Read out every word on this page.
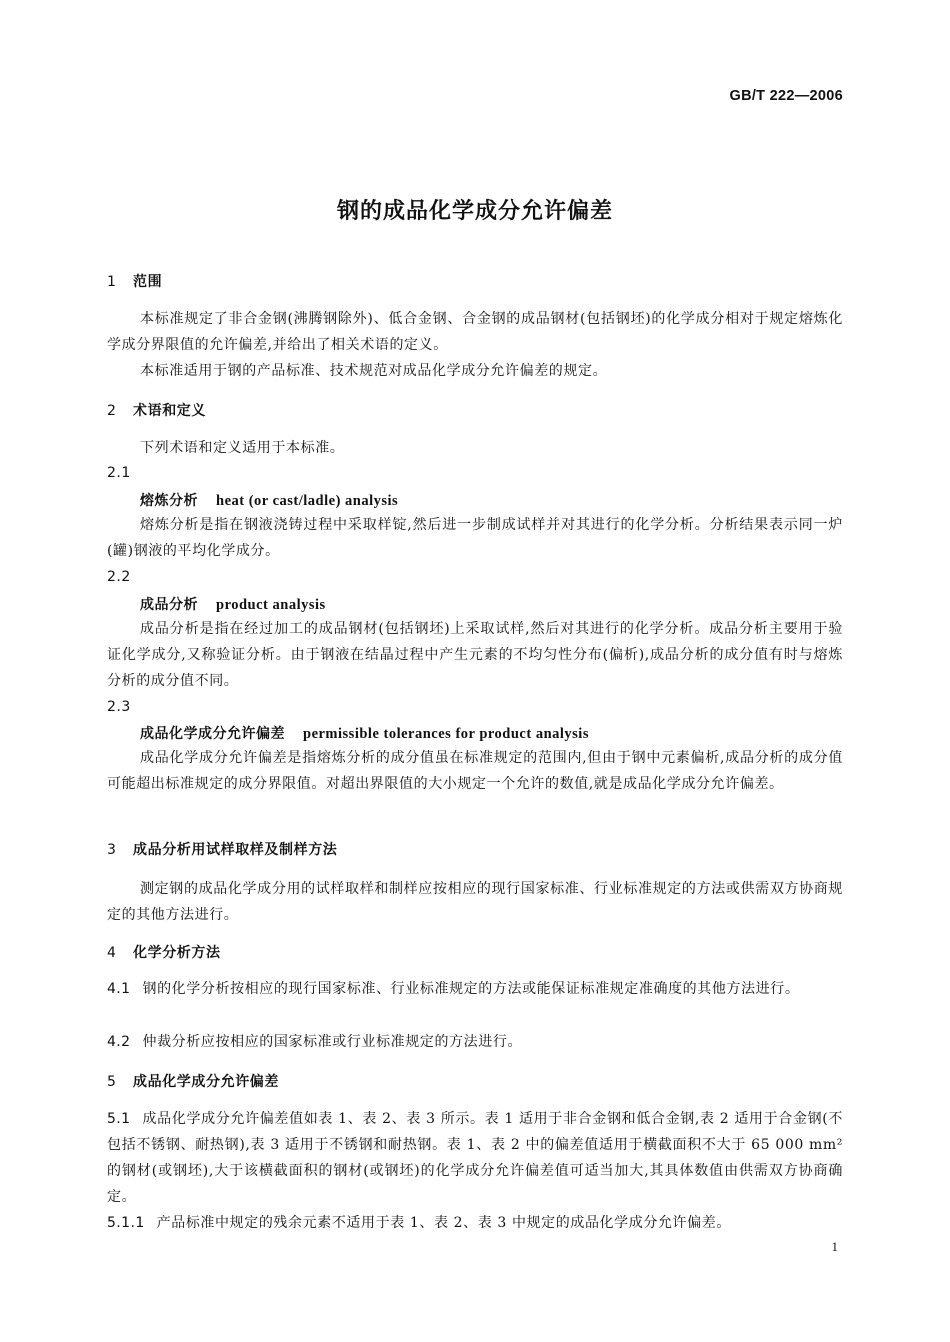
GB/T 222—2006
钢的成品化学成分允许偏差
1 范围
本标准规定了非合金钢(沸腾钢除外)、低合金钢、合金钢的成品钢材(包括钢坯)的化学成分相对于规定熔炼化学成分界限值的允许偏差,并给出了相关术语的定义。
本标准适用于钢的产品标准、技术规范对成品化学成分允许偏差的规定。
2 术语和定义
下列术语和定义适用于本标准。
2.1
熔炼分析 heat (or cast/ladle) analysis
熔炼分析是指在钢液浇铸过程中采取样锭,然后进一步制成试样并对其进行的化学分析。分析结果表示同一炉(罐)钢液的平均化学成分。
2.2
成品分析 product analysis
成品分析是指在经过加工的成品钢材(包括钢坯)上采取试样,然后对其进行的化学分析。成品分析主要用于验证化学成分,又称验证分析。由于钢液在结晶过程中产生元素的不均匀性分布(偏析),成品分析的成分值有时与熔炼分析的成分值不同。
2.3
成品化学成分允许偏差 permissible tolerances for product analysis
成品化学成分允许偏差是指熔炼分析的成分值虽在标准规定的范围内,但由于钢中元素偏析,成品分析的成分值可能超出标准规定的成分界限值。对超出界限值的大小规定一个允许的数值,就是成品化学成分允许偏差。
3 成品分析用试样取样及制样方法
测定钢的成品化学成分用的试样取样和制样应按相应的现行国家标准、行业标准规定的方法或供需双方协商规定的其他方法进行。
4 化学分析方法
4.1 钢的化学分析按相应的现行国家标准、行业标准规定的方法或能保证标准规定准确度的其他方法进行。
4.2 仲裁分析应按相应的国家标准或行业标准规定的方法进行。
5 成品化学成分允许偏差
5.1 成品化学成分允许偏差值如表 1、表 2、表 3 所示。表 1 适用于非合金钢和低合金钢,表 2 适用于合金钢(不包括不锈钢、耐热钢),表 3 适用于不锈钢和耐热钢。表 1、表 2 中的偏差值适用于横截面积不大于 65 000 mm² 的钢材(或钢坯),大于该横截面积的钢材(或钢坯)的化学成分允许偏差值可适当加大,其具体数值由供需双方协商确定。
5.1.1 产品标准中规定的残余元素不适用于表 1、表 2、表 3 中规定的成品化学成分允许偏差。
1
